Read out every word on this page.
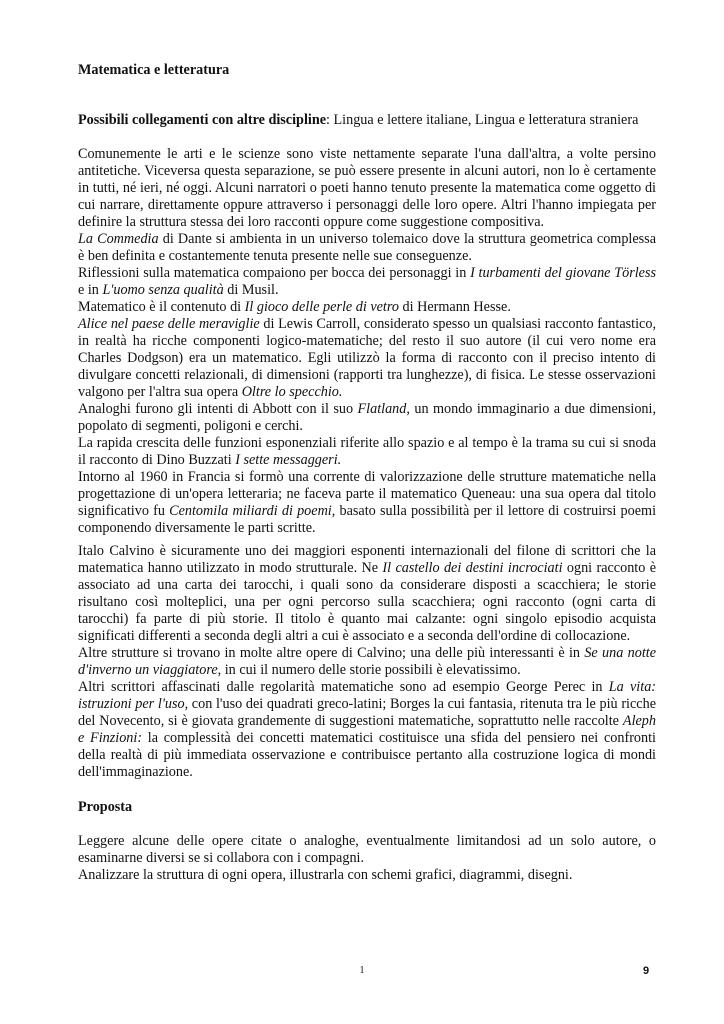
Matematica e letteratura

Possibili collegamenti con altre discipline: Lingua e lettere italiane, Lingua e letteratura straniera

Comunemente le arti e le scienze sono viste nettamente separate l'una dall'altra, a volte persino antitetiche. Viceversa questa separazione, se può essere presente in alcuni autori, non lo è certamente in tutti, né ieri, né oggi. Alcuni narratori o poeti hanno tenuto presente la matematica come oggetto di cui narrare, direttamente oppure attraverso i personaggi delle loro opere. Altri l'hanno impiegata per definire la struttura stessa dei loro racconti oppure come suggestione compositiva.

La Commedia di Dante si ambienta in un universo tolemaico dove la struttura geometrica complessa è ben definita e costantemente tenuta presente nelle sue conseguenze.

Riflessioni sulla matematica compaiono per bocca dei personaggi in I turbamenti del giovane Törless e in L'uomo senza qualità di Musil.

Matematico è il contenuto di Il gioco delle perle di vetro di Hermann Hesse.

Alice nel paese delle meraviglie di Lewis Carroll, considerato spesso un qualsiasi racconto fantastico, in realtà ha ricche componenti logico-matematiche; del resto il suo autore (il cui vero nome era Charles Dodgson) era un matematico. Egli utilizzò la forma di racconto con il preciso intento di divulgare concetti relazionali, di dimensioni (rapporti tra lunghezze), di fisica. Le stesse osservazioni valgono per l'altra sua opera Oltre lo specchio.

Analoghi furono gli intenti di Abbott con il suo Flatland, un mondo immaginario a due dimensioni, popolato di segmenti, poligoni e cerchi.

La rapida crescita delle funzioni esponenziali riferite allo spazio e al tempo è la trama su cui si snoda il racconto di Dino Buzzati I sette messaggeri.

Intorno al 1960 in Francia si formò una corrente di valorizzazione delle strutture matematiche nella progettazione di un'opera letteraria; ne faceva parte il matematico Queneau: una sua opera dal titolo significativo fu Centomila miliardi di poemi, basato sulla possibilità per il lettore di costruirsi poemi componendo diversamente le parti scritte.

Italo Calvino è sicuramente uno dei maggiori esponenti internazionali del filone di scrittori che la matematica hanno utilizzato in modo strutturale. Ne Il castello dei destini incrociati ogni racconto è associato ad una carta dei tarocchi, i quali sono da considerare disposti a scacchiera; le storie risultano così molteplici, una per ogni percorso sulla scacchiera; ogni racconto (ogni carta di tarocchi) fa parte di più storie. Il titolo è quanto mai calzante: ogni singolo episodio acquista significati differenti a seconda degli altri a cui è associato e a seconda dell'ordine di collocazione.

Altre strutture si trovano in molte altre opere di Calvino; una delle più interessanti è in Se una notte d'inverno un viaggiatore, in cui il numero delle storie possibili è elevatissimo.

Altri scrittori affascinati dalle regolarità matematiche sono ad esempio George Perec in La vita: istruzioni per l'uso, con l'uso dei quadrati greco-latini; Borges la cui fantasia, ritenuta tra le più ricche del Novecento, si è giovata grandemente di suggestioni matematiche, soprattutto nelle raccolte Aleph e Finzioni: la complessità dei concetti matematici costituisce una sfida del pensiero nei confronti della realtà di più immediata osservazione e contribuisce pertanto alla costruzione logica di mondi dell'immaginazione.

Proposta

Leggere alcune delle opere citate o analoghe, eventualmente limitandosi ad un solo autore, o esaminarne diversi se si collabora con i compagni.

Analizzare la struttura di ogni opera, illustrarla con schemi grafici, diagrammi, disegni.

1	9
